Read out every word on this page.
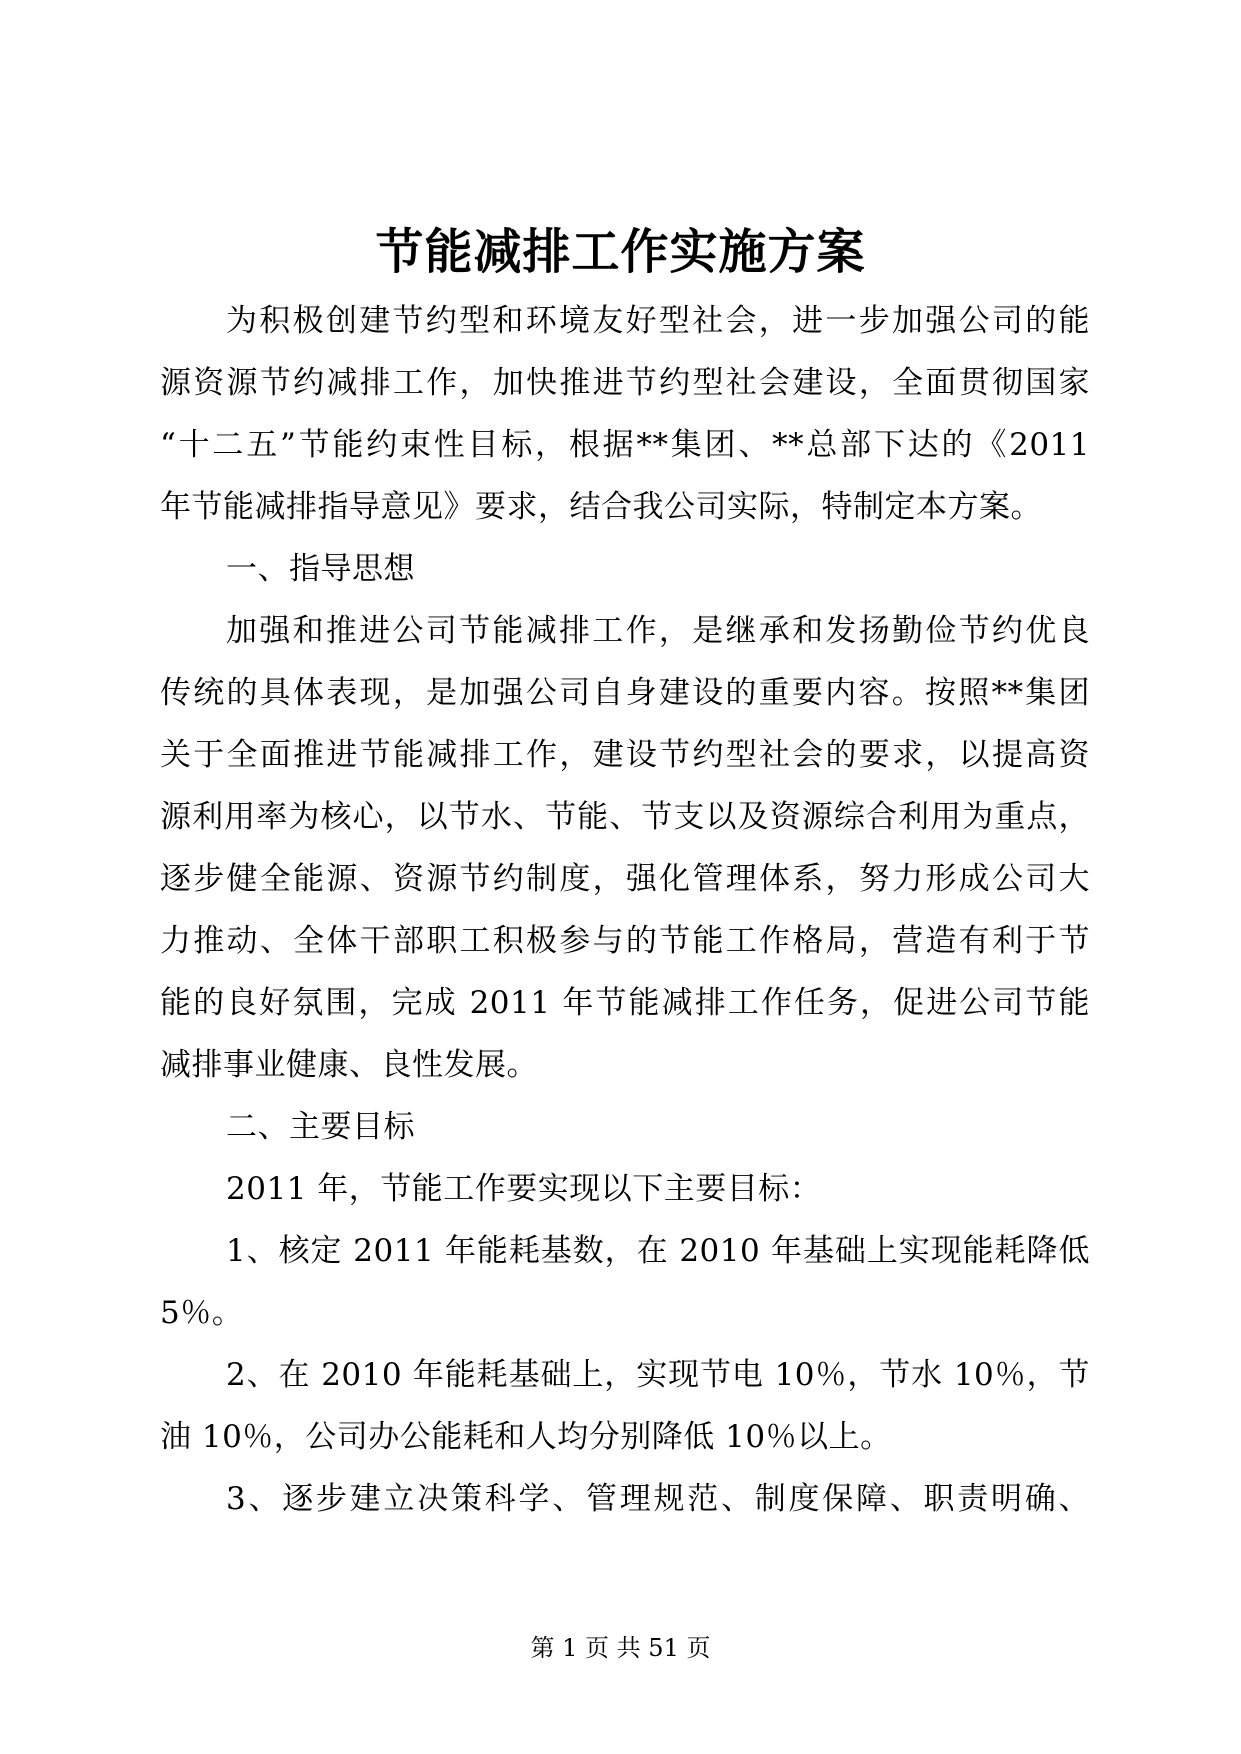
节能减排工作实施方案
为积极创建节约型和环境友好型社会，进一步加强公司的能
源资源节约减排工作，加快推进节约型社会建设，全面贯彻国家
“十二五”节能约束性目标，根据**集团、**总部下达的《2011
年节能减排指导意见》要求，结合我公司实际，特制定本方案。
一、指导思想
加强和推进公司节能减排工作，是继承和发扬勤俭节约优良
传统的具体表现，是加强公司自身建设的重要内容。按照**集团
关于全面推进节能减排工作，建设节约型社会的要求，以提高资
源利用率为核心，以节水、节能、节支以及资源综合利用为重点，
逐步健全能源、资源节约制度，强化管理体系，努力形成公司大
力推动、全体干部职工积极参与的节能工作格局，营造有利于节
能的良好氛围，完成 2011 年节能减排工作任务，促进公司节能
减排事业健康、良性发展。
二、主要目标
2011 年，节能工作要实现以下主要目标：
1、核定 2011 年能耗基数，在 2010 年基础上实现能耗降低
5％。
2、在 2010 年能耗基础上，实现节电 10％，节水 10％，节
油 10％，公司办公能耗和人均分别降低 10％以上。
3、逐步建立决策科学、管理规范、制度保障、职责明确、
第 1 页 共 51 页
